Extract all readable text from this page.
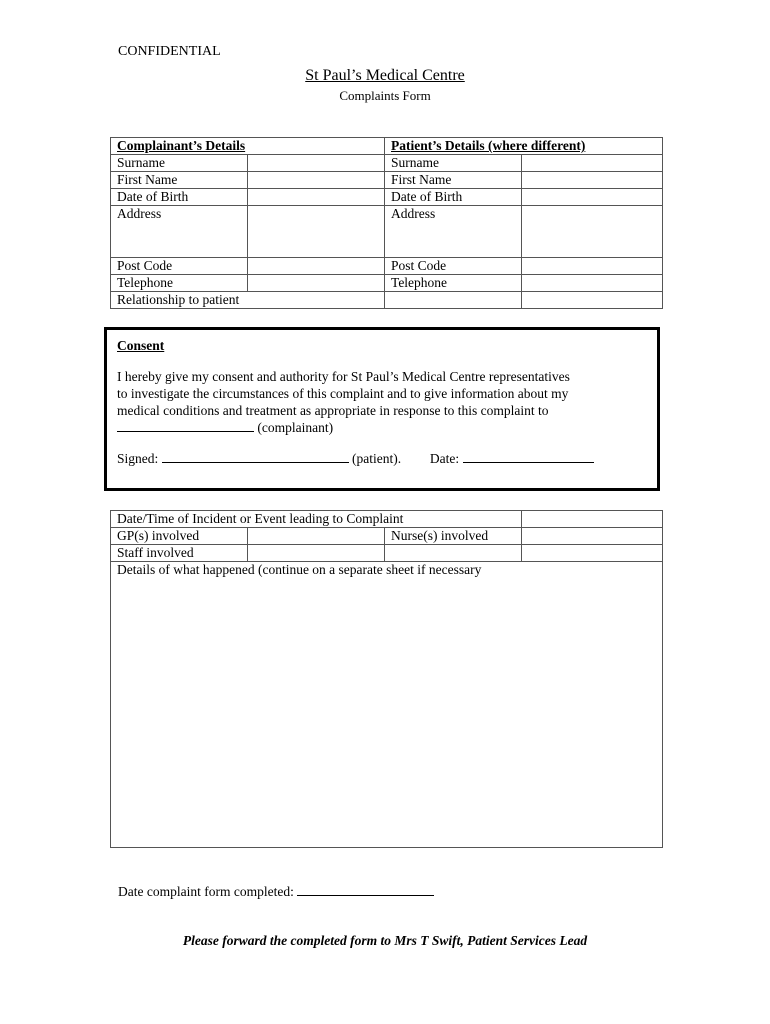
CONFIDENTIAL
St Paul’s Medical Centre
Complaints Form
Complainant’s Details		Patient’s Details (where different)	
Surname		Surname	
First Name		First Name	
Date of Birth		Date of Birth	
Address		Address	
Post Code		Post Code	
Telephone		Telephone	
Relationship to patient			
Consent
I hereby give my consent and authority for St Paul’s Medical Centre representatives
to investigate the circumstances of this complaint and to give information about my
medical conditions and treatment as appropriate in response to this complaint to
(complainant)
Signed:	(patient). Date:
Date/Time of Incident or Event leading to Complaint			
GP(s) involved		Nurse(s) involved	
Staff involved			
Details of what happened (continue on a separate sheet if necessary			
Date complaint form completed:
Please forward the completed form to Mrs T Swift, Patient Services Lead
